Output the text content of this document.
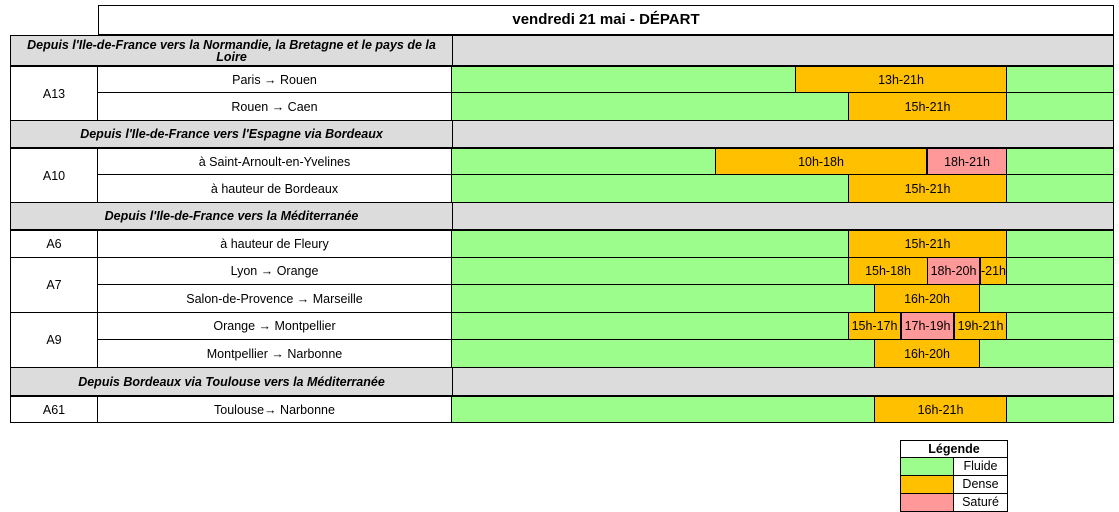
vendredi 21 mai - DÉPART
Depuis l'Ile-de-France vers la Normandie, la Bretagne et le pays de la Loire
A13
Paris → Rouen	13h-21h
Rouen → Caen	15h-21h
Depuis l'Ile-de-France vers l'Espagne via Bordeaux
A10
à Saint-Arnoult-en-Yvelines	10h-18h	18h-21h
à hauteur de Bordeaux	15h-21h
Depuis l'Ile-de-France vers la Méditerranée
A6	à hauteur de Fleury	15h-21h
A7
Lyon → Orange	15h-18h	18h-20h -21h
Salon-de-Provence → Marseille	16h-20h
A9
Orange → Montpellier	15h-17h 17h-19h 19h-21h
Montpellier → Narbonne	16h-20h
Depuis Bordeaux via Toulouse vers la Méditerranée
A61	Toulouse→ Narbonne	16h-21h
Légende
Fluide
Dense
Saturé
